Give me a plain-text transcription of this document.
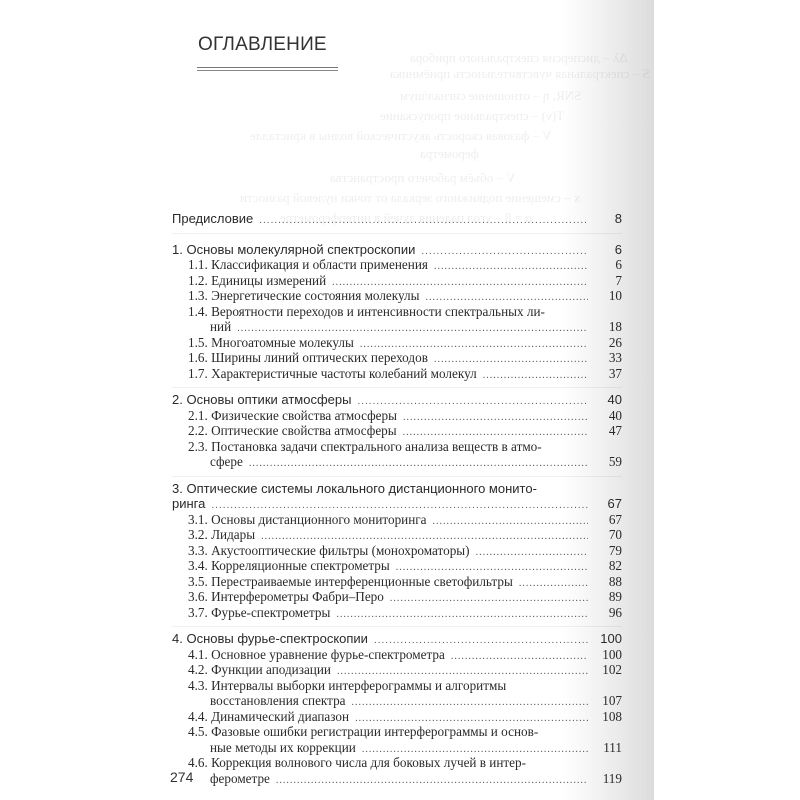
Δλ – дисперсия спектрального прибора
S – спектральная чувствительность приёмника
SNR, η – отношение сигнал/шум
T(ν) – спектральное пропускание
V – фазовая скорость акустической волны в кристалле
ферометра
V – объём рабочего пространства
x – смещение подвижного зеркала от точки нулевой разности
α = β – угол падения лучей в интерферометре
ОГЛАВЛЕНИЕ
Предисловие .....	8
1. Основы молекулярной спектроскопии .....	6
1.1. Классификация и области применения .....	6
1.2. Единицы измерений .....	7
1.3. Энергетические состояния молекулы .....	10
1.4. Вероятности переходов и интенсивности спектральных ли-
ний .....	18
1.5. Многоатомные молекулы .....	26
1.6. Ширины линий оптических переходов .....	33
1.7. Характеристичные частоты колебаний молекул .....	37
2. Основы оптики атмосферы .....	40
2.1. Физические свойства атмосферы .....	40
2.2. Оптические свойства атмосферы .....	47
2.3. Постановка задачи спектрального анализа веществ в атмо-
сфере .....	59
3. Оптические системы локального дистанционного монито-
ринга .....	67
3.1. Основы дистанционного мониторинга .....	67
3.2. Лидары .....	70
3.3. Акустооптические фильтры (монохроматоры) .....	79
3.4. Корреляционные спектрометры .....	82
3.5. Перестраиваемые интерференционные светофильтры .....	88
3.6. Интерферометры Фабри–Перо .....	89
3.7. Фурье-спектрометры .....	96
4. Основы фурье-спектроскопии .....	100
4.1. Основное уравнение фурье-спектрометра .....	100
4.2. Функции аподизации .....	102
4.3. Интервалы выборки интерферограммы и алгоритмы
восстановления спектра .....	107
4.4. Динамический диапазон .....	108
4.5. Фазовые ошибки регистрации интерферограммы и основ-
ные методы их коррекции .....	111
4.6. Коррекция волнового числа для боковых лучей в интер-
ферометре .....	119
274
